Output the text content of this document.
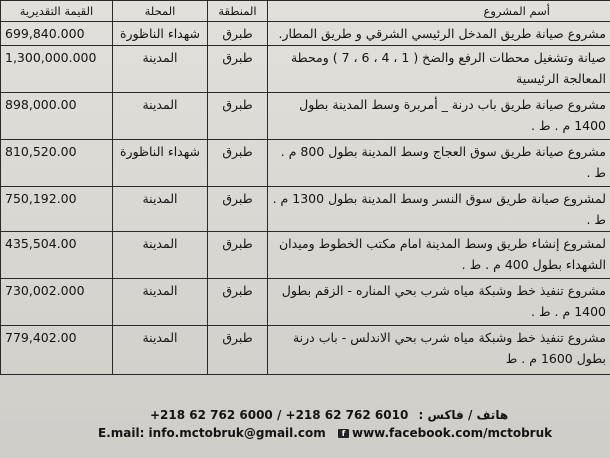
أسم المشروع	المنطقة	المحلة	القيمة التقديرية
مشروع صيانة طريق المدخل الرئيسي الشرقي و طريق المطار.	طبرق	شهداء الناظورة	699,840.000
صيانة وتشغيل محطات الرفع والضخ ( 1 ، 4 ، 6 ، 7 ) ومحطة المعالجة الرئيسية	طبرق	المدينة	1,300,000.000
مشروع صيانة طريق باب درنة _ أمربرة وسط المدينة بطول 1400 م . ط .	طبرق	المدينة	898,000.00
مشروع صيانة طريق سوق العجاج وسط المدينة بطول 800 م . ط .	طبرق	شهداء الناظورة	810,520.00
لمشروع صيانة طريق سوق النسر وسط المدينة بطول 1300 م . ط .	طبرق	المدينة	750,192.00
لمشروع إنشاء طريق وسط المدينة امام مكتب الخطوط وميدان الشهداء بطول 400 م . ط .	طبرق	المدينة	435,504.00
مشروع تنفيذ خط وشبكة مياه شرب بحي المناره - الزقم بطول 1400 م . ط .	طبرق	المدينة	730,002.000
مشروع تنفيذ خط وشبكة مياه شرب بحي الاندلس - باب درنة بطول 1600 م . ط	طبرق	المدينة	779,402.00
هاتف / فاكس : +218 62 762 6000 / +218 62 762 6010
E.mail: info.mctobruk@gmail.com	f www.facebook.com/mctobruk
